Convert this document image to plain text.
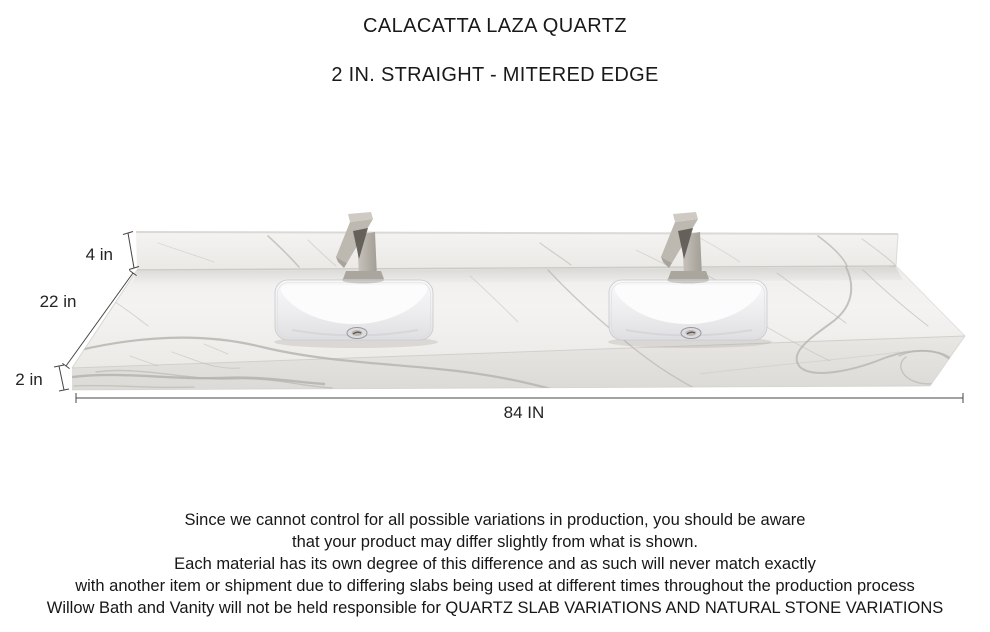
CALACATTA LAZA QUARTZ
2 IN. STRAIGHT - MITERED EDGE
4 in
22 in
2 in
84 IN
Since we cannot control for all possible variations in production, you should be aware
that your product may differ slightly from what is shown.
Each material has its own degree of this difference and as such will never match exactly
with another item or shipment due to differing slabs being used at different times throughout the production process
Willow Bath and Vanity will not be held responsible for QUARTZ SLAB VARIATIONS AND NATURAL STONE VARIATIONS
